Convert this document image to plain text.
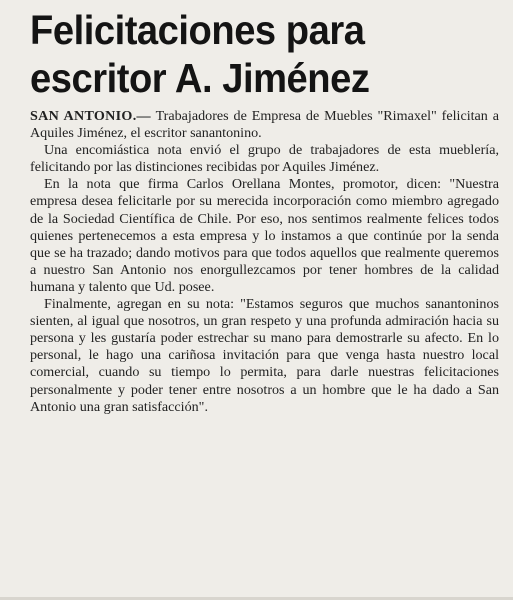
Felicitaciones para
escritor A. Jiménez

SAN ANTONIO.— Trabajadores de Empresa de Muebles "Rimaxel" felicitan a Aquiles Jiménez, el escritor sanantonino.

Una encomiástica nota envió el grupo de trabajadores de esta mueblería, felicitando por las distinciones recibidas por Aquiles Jiménez.

En la nota que firma Carlos Orellana Montes, promotor, dicen: "Nuestra empresa desea felicitarle por su merecida incorporación como miembro agregado de la Sociedad Científica de Chile. Por eso, nos sentimos realmente felices todos quienes pertenecemos a esta empresa y lo instamos a que continúe por la senda que se ha trazado; dando motivos para que todos aquellos que realmente queremos a nuestro San Antonio nos enorgullezcamos por tener hombres de la calidad humana y talento que Ud. posee.

Finalmente, agregan en su nota: "Estamos seguros que muchos sanantoninos sienten, al igual que nosotros, un gran respeto y una profunda admiración hacia su persona y les gustaría poder estrechar su mano para demostrarle su afecto. En lo personal, le hago una cariñosa invitación para que venga hasta nuestro local comercial, cuando su tiempo lo permita, para darle nuestras felicitaciones personalmente y poder tener entre nosotros a un hombre que le ha dado a San Antonio una gran satisfacción".
